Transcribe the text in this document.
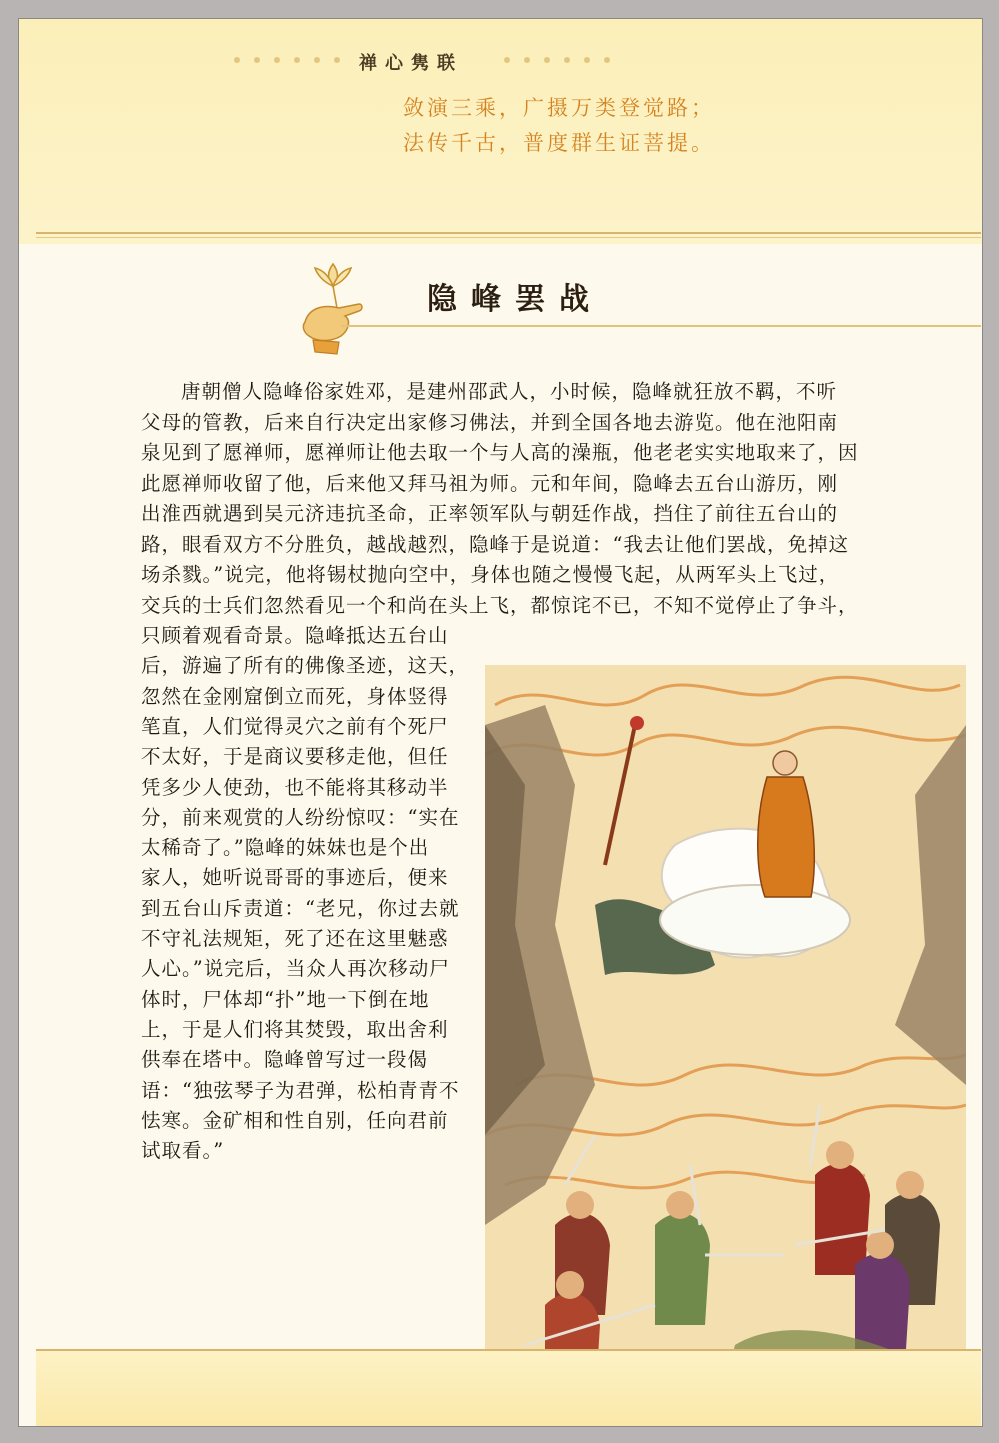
禅心隽联
敛演三乘，广摄万类登觉路；
法传千古，普度群生证菩提。
隐峰罢战
唐朝僧人隐峰俗家姓邓，是建州邵武人，小时候，隐峰就狂放不羁，不听
父母的管教，后来自行决定出家修习佛法，并到全国各地去游览。他在池阳南
泉见到了愿禅师，愿禅师让他去取一个与人高的澡瓶，他老老实实地取来了，因
此愿禅师收留了他，后来他又拜马祖为师。元和年间，隐峰去五台山游历，刚
出淮西就遇到吴元济违抗圣命，正率领军队与朝廷作战，挡住了前往五台山的
路，眼看双方不分胜负，越战越烈，隐峰于是说道：“我去让他们罢战，免掉这
场杀戮。”说完，他将锡杖抛向空中，身体也随之慢慢飞起，从两军头上飞过，
交兵的士兵们忽然看见一个和尚在头上飞，都惊诧不已，不知不觉停止了争斗，
只顾着观看奇景。隐峰抵达五台山
后，游遍了所有的佛像圣迹，这天，
忽然在金刚窟倒立而死，身体竖得
笔直，人们觉得灵穴之前有个死尸
不太好，于是商议要移走他，但任
凭多少人使劲，也不能将其移动半
分，前来观赏的人纷纷惊叹：“实在
太稀奇了。”隐峰的妹妹也是个出
家人，她听说哥哥的事迹后，便来
到五台山斥责道：“老兄，你过去就
不守礼法规矩，死了还在这里魅惑
人心。”说完后，当众人再次移动尸
体时，尸体却“扑”地一下倒在地
上，于是人们将其焚毁，取出舍利
供奉在塔中。隐峰曾写过一段偈
语：“独弦琴子为君弹，松柏青青不
怯寒。金矿相和性自别，任向君前
试取看。”
